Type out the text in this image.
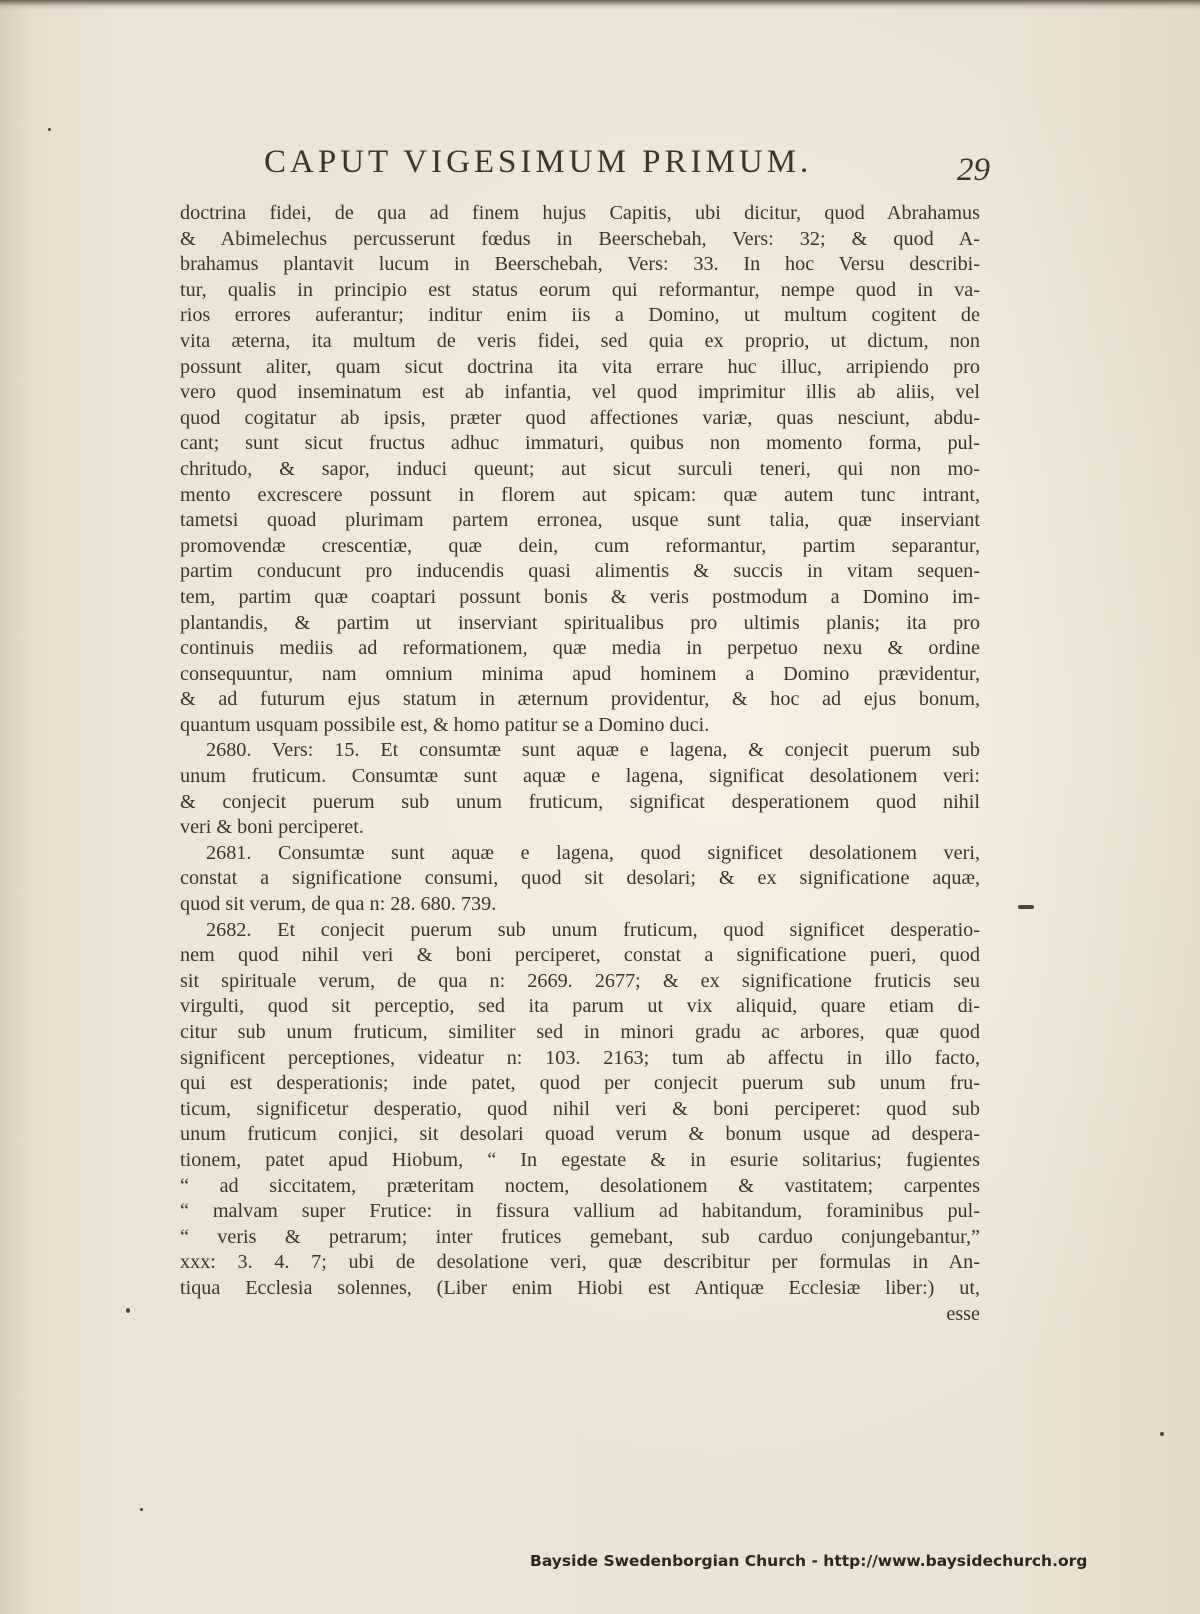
CAPUT VIGESIMUM PRIMUM.	29
doctrina fidei, de qua ad finem hujus Capitis, ubi dicitur, quod Abrahamus
& Abimelechus percusserunt fœdus in Beerschebah, Vers: 32; & quod A-
brahamus plantavit lucum in Beerschebah, Vers: 33. In hoc Versu describi-
tur, qualis in principio est status eorum qui reformantur, nempe quod in va-
rios errores auferantur; inditur enim iis a Domino, ut multum cogitent de
vita æterna, ita multum de veris fidei, sed quia ex proprio, ut dictum, non
possunt aliter, quam sicut doctrina ita vita errare huc illuc, arripiendo pro
vero quod inseminatum est ab infantia, vel quod imprimitur illis ab aliis, vel
quod cogitatur ab ipsis, præter quod affectiones variæ, quas nesciunt, abdu-
cant; sunt sicut fructus adhuc immaturi, quibus non momento forma, pul-
chritudo, & sapor, induci queunt; aut sicut surculi teneri, qui non mo-
mento excrescere possunt in florem aut spicam: quæ autem tunc intrant,
tametsi quoad plurimam partem erronea, usque sunt talia, quæ inserviant
promovendæ crescentiæ, quæ dein, cum reformantur, partim separantur,
partim conducunt pro inducendis quasi alimentis & succis in vitam sequen-
tem, partim quæ coaptari possunt bonis & veris postmodum a Domino im-
plantandis, & partim ut inserviant spiritualibus pro ultimis planis; ita pro
continuis mediis ad reformationem, quæ media in perpetuo nexu & ordine
consequuntur, nam omnium minima apud hominem a Domino prævidentur,
& ad futurum ejus statum in æternum providentur, & hoc ad ejus bonum,
quantum usquam possibile est, & homo patitur se a Domino duci.
2680. Vers: 15. Et consumtæ sunt aquæ e lagena, & conjecit puerum sub
unum fruticum. Consumtæ sunt aquæ e lagena, significat desolationem veri:
& conjecit puerum sub unum fruticum, significat desperationem quod nihil
veri & boni perciperet.
2681. Consumtæ sunt aquæ e lagena, quod significet desolationem veri,
constat a significatione consumi, quod sit desolari; & ex significatione aquæ,
quod sit verum, de qua n: 28. 680. 739.
2682. Et conjecit puerum sub unum fruticum, quod significet desperatio-
nem quod nihil veri & boni perciperet, constat a significatione pueri, quod
sit spirituale verum, de qua n: 2669. 2677; & ex significatione fruticis seu
virgulti, quod sit perceptio, sed ita parum ut vix aliquid, quare etiam di-
citur sub unum fruticum, similiter sed in minori gradu ac arbores, quæ quod
significent perceptiones, videatur n: 103. 2163; tum ab affectu in illo facto,
qui est desperationis; inde patet, quod per conjecit puerum sub unum fru-
ticum, significetur desperatio, quod nihil veri & boni perciperet: quod sub
unum fruticum conjici, sit desolari quoad verum & bonum usque ad despera-
tionem, patet apud Hiobum, “ In egestate & in esurie solitarius; fugientes
“ ad siccitatem, præteritam noctem, desolationem & vastitatem; carpentes
“ malvam super Frutice: in fissura vallium ad habitandum, foraminibus pul-
“ veris & petrarum; inter frutices gemebant, sub carduo conjungebantur,”
xxx: 3. 4. 7; ubi de desolatione veri, quæ describitur per formulas in An-
tiqua Ecclesia solennes, (Liber enim Hiobi est Antiquæ Ecclesiæ liber:) ut,
esse
Bayside Swedenborgian Church - http://www.baysidechurch.org
